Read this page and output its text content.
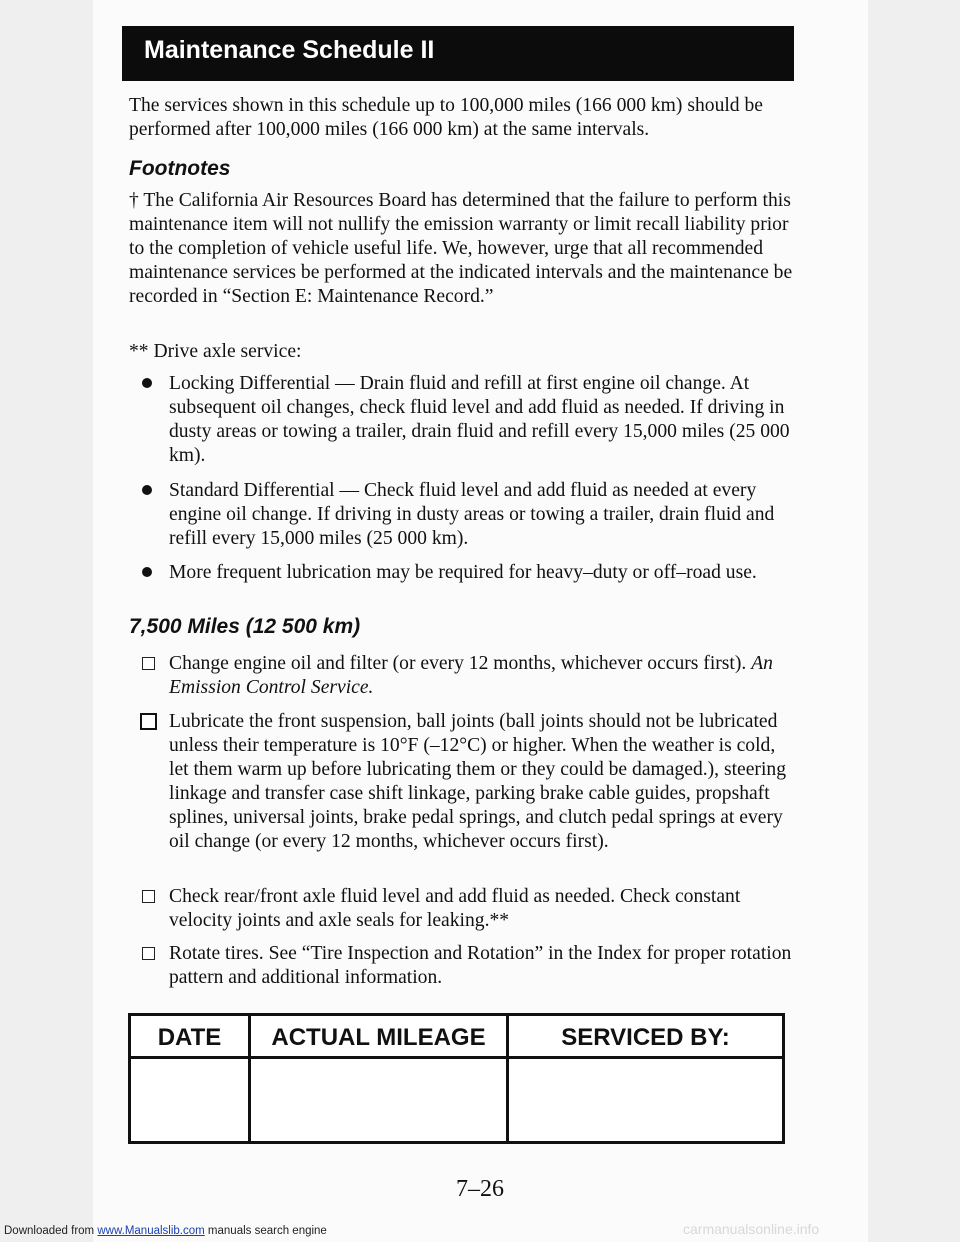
Maintenance Schedule II
The services shown in this schedule up to 100,000 miles (166 000 km) should be performed after 100,000 miles (166 000 km) at the same intervals.
Footnotes
† The California Air Resources Board has determined that the failure to perform this maintenance item will not nullify the emission warranty or limit recall liability prior to the completion of vehicle useful life. We, however, urge that all recommended maintenance services be performed at the indicated intervals and the maintenance be recorded in “Section E: Maintenance Record.”
** Drive axle service:
Locking Differential — Drain fluid and refill at first engine oil change. At subsequent oil changes, check fluid level and add fluid as needed. If driving in dusty areas or towing a trailer, drain fluid and refill every 15,000 miles (25 000 km).
Standard Differential — Check fluid level and add fluid as needed at every engine oil change. If driving in dusty areas or towing a trailer, drain fluid and refill every 15,000 miles (25 000 km).
More frequent lubrication may be required for heavy–duty or off–road use.
7,500 Miles (12 500 km)
Change engine oil and filter (or every 12 months, whichever occurs first). An Emission Control Service.
Lubricate the front suspension, ball joints (ball joints should not be lubricated unless their temperature is 10°F (–12°C) or higher. When the weather is cold, let them warm up before lubricating them or they could be damaged.), steering linkage and transfer case shift linkage, parking brake cable guides, propshaft splines, universal joints, brake pedal springs, and clutch pedal springs at every oil change (or every 12 months, whichever occurs first).
Check rear/front axle fluid level and add fluid as needed. Check constant velocity joints and axle seals for leaking.**
Rotate tires. See “Tire Inspection and Rotation” in the Index for proper rotation pattern and additional information.
DATE	ACTUAL MILEAGE	SERVICED BY:
7–26
Downloaded from www.Manualslib.com manuals search engine	carmanualsonline.info
